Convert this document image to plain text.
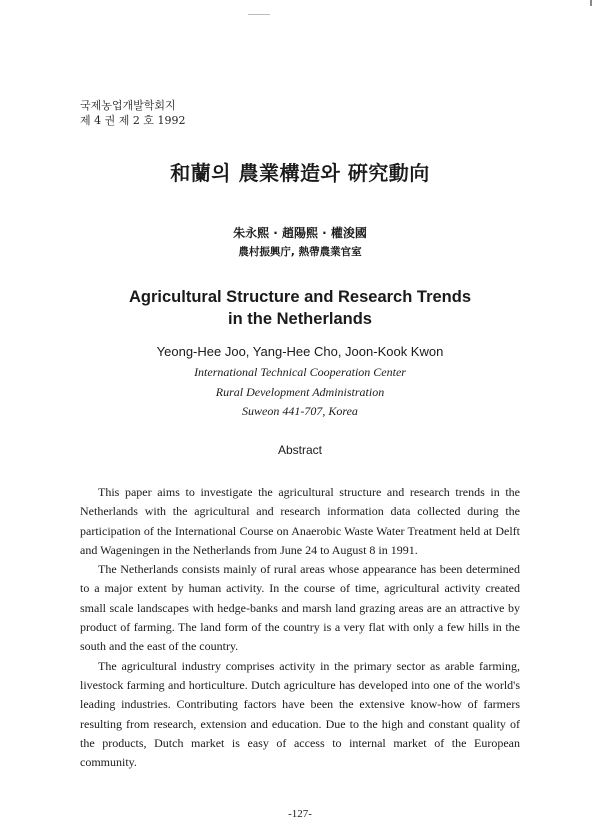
국제농업개발학회지
제 4 권 제 2 호 1992
和蘭의 農業構造와 硏究動向
朱永熙 · 趙陽熙 · 權浚國
農村振興庁, 熱帶農業官室
Agricultural Structure and Research Trends
in the Netherlands
Yeong-Hee Joo, Yang-Hee Cho, Joon-Kook Kwon
International Technical Cooperation Center
Rural Development Administration
Suweon 441-707, Korea
Abstract

This paper aims to investigate the agricultural structure and research trends in the Netherlands with the agricultural and research information data collected during the participation of the International Course on Anaerobic Waste Water Treatment held at Delft and Wageningen in the Netherlands from June 24 to August 8 in 1991.

The Netherlands consists mainly of rural areas whose appearance has been determined to a major extent by human activity. In the course of time, agricultural activity created small scale landscapes with hedge-banks and marsh land grazing areas are an attractive by product of farming. The land form of the country is a very flat with only a few hills in the south and the east of the country.

The agricultural industry comprises activity in the primary sector as arable farming, livestock farming and horticulture. Dutch agriculture has developed into one of the world's leading industries. Contributing factors have been the extensive know-how of farmers resulting from research, extension and education. Due to the high and constant quality of the products, Dutch market is easy of access to internal market of the European community.

-127-
